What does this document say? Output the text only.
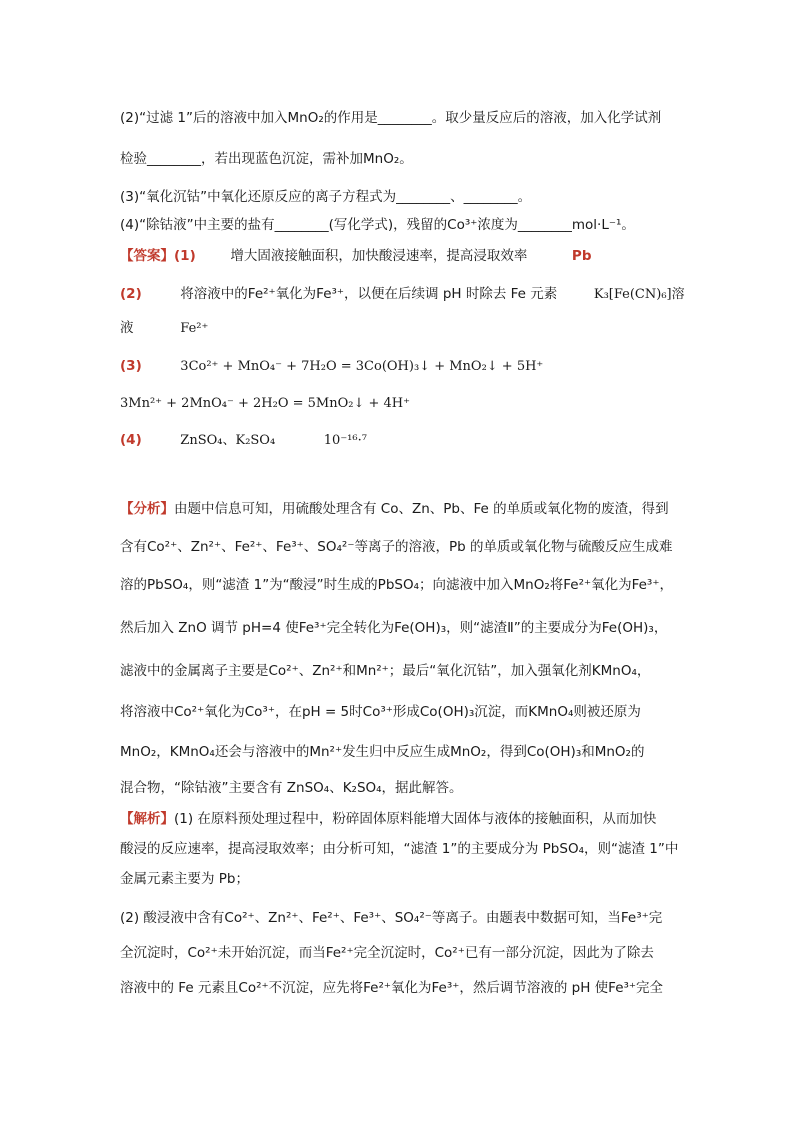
(2)“过滤 1”后的溶液中加入MnO₂的作用是________。取少量反应后的溶液，加入化学试剂
检验________，若出现蓝色沉淀，需补加MnO₂。
(3)“氧化沉钴”中氧化还原反应的离子方程式为________、________。
(4)“除钴液”中主要的盐有________(写化学式)，残留的Co³⁺浓度为________mol·L⁻¹。
【答案】(1)	增大固液接触面积，加快酸浸速率，提高浸取效率	Pb
(2)	将溶液中的Fe²⁺氧化为Fe³⁺，以便在后续调 pH 时除去 Fe 元素	K₃[Fe(CN)₆]溶
液	Fe²⁺
(3)	3Co²⁺ + MnO₄⁻ + 7H₂O = 3Co(OH)₃↓ + MnO₂↓ + 5H⁺
3Mn²⁺ + 2MnO₄⁻ + 2H₂O = 5MnO₂↓ + 4H⁺
(4)	ZnSO₄、K₂SO₄	10⁻¹⁶·⁷
【分析】由题中信息可知，用硫酸处理含有 Co、Zn、Pb、Fe 的单质或氧化物的废渣，得到
含有Co²⁺、Zn²⁺、Fe²⁺、Fe³⁺、SO₄²⁻等离子的溶液，Pb 的单质或氧化物与硫酸反应生成难
溶的PbSO₄，则“滤渣 1”为“酸浸”时生成的PbSO₄；向滤液中加入MnO₂将Fe²⁺氧化为Fe³⁺，
然后加入 ZnO 调节 pH=4 使Fe³⁺完全转化为Fe(OH)₃，则“滤渣Ⅱ”的主要成分为Fe(OH)₃，
滤液中的金属离子主要是Co²⁺、Zn²⁺和Mn²⁺；最后“氧化沉钴”，加入强氧化剂KMnO₄，
将溶液中Co²⁺氧化为Co³⁺，在pH = 5时Co³⁺形成Co(OH)₃沉淀，而KMnO₄则被还原为
MnO₂，KMnO₄还会与溶液中的Mn²⁺发生归中反应生成MnO₂，得到Co(OH)₃和MnO₂的
混合物，“除钴液”主要含有 ZnSO₄、K₂SO₄，据此解答。
【解析】(1) 在原料预处理过程中，粉碎固体原料能增大固体与液体的接触面积，从而加快
酸浸的反应速率，提高浸取效率；由分析可知，“滤渣 1”的主要成分为 PbSO₄，则“滤渣 1”中
金属元素主要为 Pb；
(2) 酸浸液中含有Co²⁺、Zn²⁺、Fe²⁺、Fe³⁺、SO₄²⁻等离子。由题表中数据可知，当Fe³⁺完
全沉淀时，Co²⁺未开始沉淀，而当Fe²⁺完全沉淀时，Co²⁺已有一部分沉淀，因此为了除去
溶液中的 Fe 元素且Co²⁺不沉淀，应先将Fe²⁺氧化为Fe³⁺，然后调节溶液的 pH 使Fe³⁺完全
